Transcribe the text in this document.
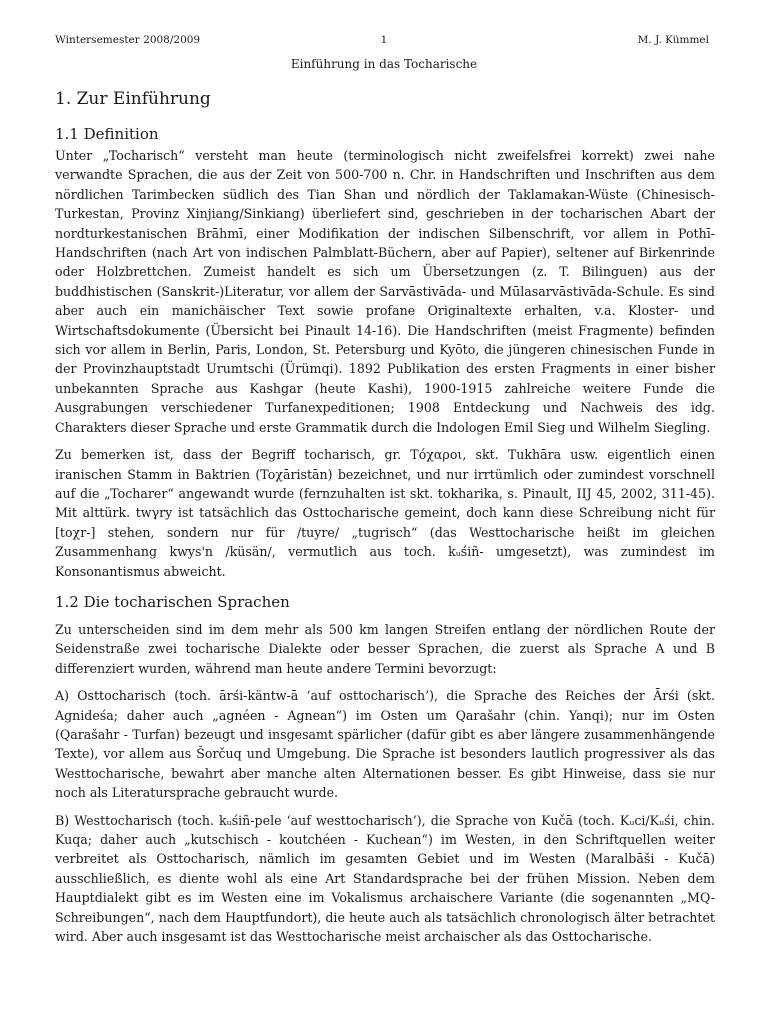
Wintersemester 2008/2009	1	M. J. Kümmel
Einführung in das Tocharische
1. Zur Einführung
1.1 Definition

Unter „Tocharisch“ versteht man heute (terminologisch nicht zweifelsfrei korrekt) zwei nahe verwandte Sprachen, die aus der Zeit von 500-700 n. Chr. in Handschriften und Inschriften aus dem nördlichen Tarimbecken südlich des Tian Shan und nördlich der Taklamakan-Wüste (Chinesisch-Turkestan, Provinz Xinjiang/Sinkiang) überliefert sind, geschrieben in der tocharischen Abart der nordturkestanischen Brāhmī, einer Modifikation der indischen Silbenschrift, vor allem in Pothī-Handschriften (nach Art von indischen Palmblatt-Büchern, aber auf Papier), seltener auf Birkenrinde oder Holzbrettchen. Zumeist handelt es sich um Übersetzungen (z. T. Bilinguen) aus der buddhistischen (Sanskrit-)Literatur, vor allem der Sarvāstivāda- und Mūlasarvāstivāda-Schule. Es sind aber auch ein manichäischer Text sowie profane Originaltexte erhalten, v.a. Kloster- und Wirtschaftsdokumente (Übersicht bei Pinault 14-16). Die Handschriften (meist Fragmente) befinden sich vor allem in Berlin, Paris, London, St. Petersburg und Kyōto, die jüngeren chinesischen Funde in der Provinzhauptstadt Urumtschi (Ürümqi). 1892 Publikation des ersten Fragments in einer bisher unbekannten Sprache aus Kashgar (heute Kashi), 1900-1915 zahlreiche weitere Funde die Ausgrabungen verschiedener Turfanexpeditionen; 1908 Entdeckung und Nachweis des idg. Charakters dieser Sprache und erste Grammatik durch die Indologen Emil Sieg und Wilhelm Siegling.

Zu bemerken ist, dass der Begriff tocharisch, gr. Τόχαροι, skt. Tukhāra usw. eigentlich einen iranischen Stamm in Baktrien (Toχāristān) bezeichnet, und nur irrtümlich oder zumindest vorschnell auf die „Tocharer“ angewandt wurde (fernzuhalten ist skt. tokharika, s. Pinault, IIJ 45, 2002, 311-45). Mit alttürk. twγry ist tatsächlich das Osttocharische gemeint, doch kann diese Schreibung nicht für [toχr-] stehen, sondern nur für /tuyre/ „tugrisch“ (das Westtocharische heißt im gleichen Zusammenhang kwys'n /küsän/, vermutlich aus toch. kᵤśiñ- umgesetzt), was zumindest im Konsonantismus abweicht.

1.2 Die tocharischen Sprachen

Zu unterscheiden sind im dem mehr als 500 km langen Streifen entlang der nördlichen Route der Seidenstraße zwei tocharische Dialekte oder besser Sprachen, die zuerst als Sprache A und B differenziert wurden, während man heute andere Termini bevorzugt:

A) Osttocharisch (toch. ārśi-käntw-ā ‘auf osttocharisch’), die Sprache des Reiches der Ārśi (skt. Agnideśa; daher auch „agnéen - Agnean“) im Osten um Qarašahr (chin. Yanqi); nur im Osten (Qarašahr - Turfan) bezeugt und insgesamt spärlicher (dafür gibt es aber längere zusammenhängende Texte), vor allem aus Šorčuq und Umgebung. Die Sprache ist besonders lautlich progressiver als das Westtocharische, bewahrt aber manche alten Alternationen besser. Es gibt Hinweise, dass sie nur noch als Literatursprache gebraucht wurde.

B) Westtocharisch (toch. kᵤśiñ-pele ‘auf westtocharisch’), die Sprache von Kučā (toch. Kᵤci/Kᵤśi, chin. Kuqa; daher auch „kutschisch - koutchéen - Kuchean“) im Westen, in den Schriftquellen weiter verbreitet als Osttocharisch, nämlich im gesamten Gebiet und im Westen (Maralbāši - Kučā) ausschließlich, es diente wohl als eine Art Standardsprache bei der frühen Mission. Neben dem Hauptdialekt gibt es im Westen eine im Vokalismus archaischere Variante (die sogenannten „MQ-Schreibungen“, nach dem Hauptfundort), die heute auch als tatsächlich chronologisch älter betrachtet wird. Aber auch insgesamt ist das Westtocharische meist archaischer als das Osttocharische.
